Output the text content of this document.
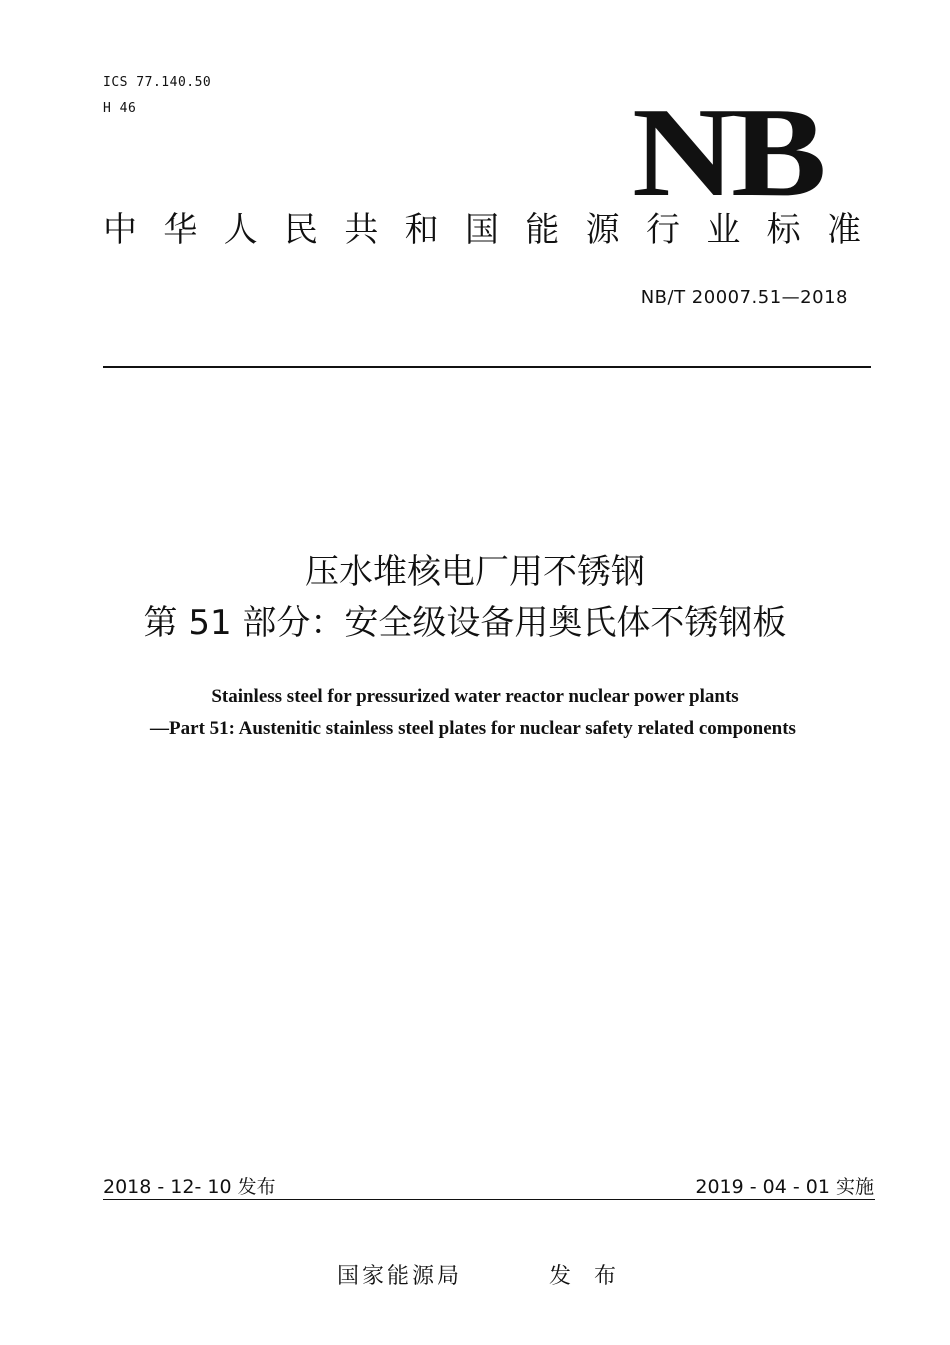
ICS 77.140.50
H 46	NB
中华人民共和国能源行业标准
NB/T 20007.51—2018
压水堆核电厂用不锈钢
第 51 部分：安全级设备用奥氏体不锈钢板
Stainless steel for pressurized water reactor nuclear power plants
—Part 51: Austenitic stainless steel plates for nuclear safety related components
2018 - 12- 10 发布	2019 - 04 - 01 实施
国家能源局	发 布
